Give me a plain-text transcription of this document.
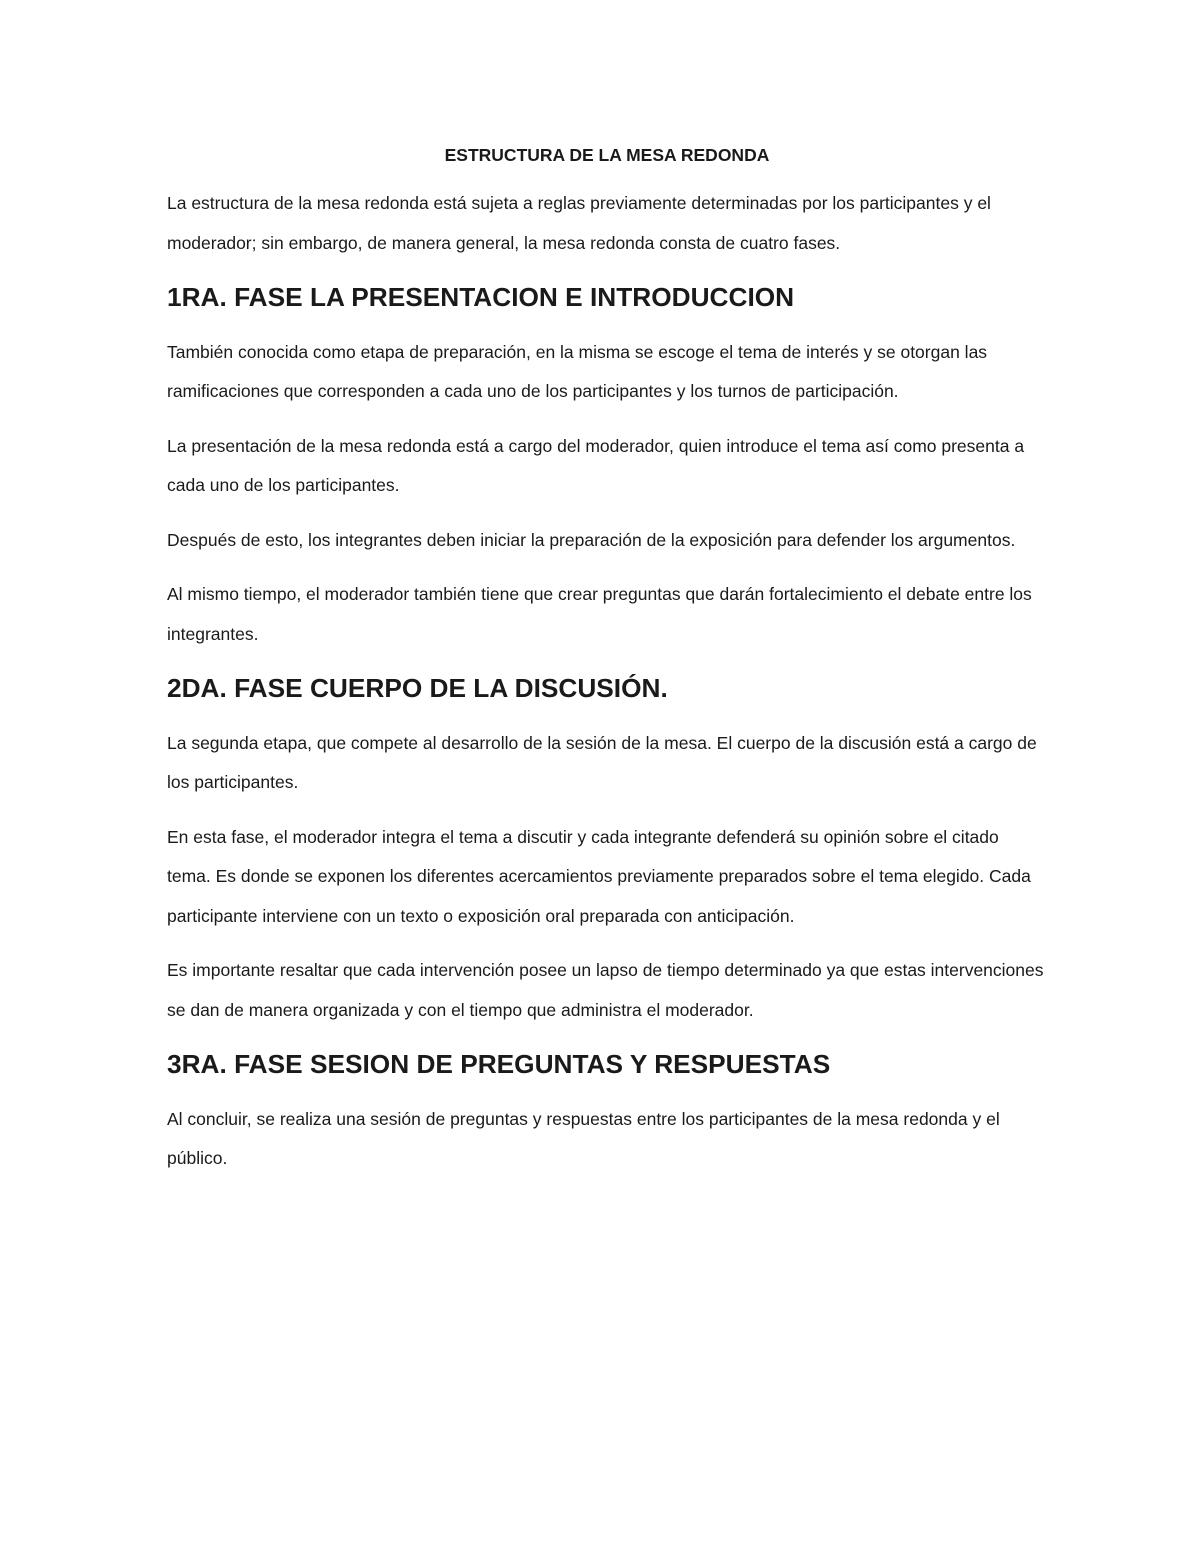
ESTRUCTURA DE LA MESA REDONDA

La estructura de la mesa redonda está sujeta a reglas previamente determinadas por los participantes y el moderador; sin embargo, de manera general, la mesa redonda consta de cuatro fases.

1RA. FASE LA PRESENTACION E INTRODUCCION

También conocida como etapa de preparación, en la misma se escoge el tema de interés y se otorgan las ramificaciones que corresponden a cada uno de los participantes y los turnos de participación.

La presentación de la mesa redonda está a cargo del moderador, quien introduce el tema así como presenta a cada uno de los participantes.

Después de esto, los integrantes deben iniciar la preparación de la exposición para defender los argumentos.

Al mismo tiempo, el moderador también tiene que crear preguntas que darán fortalecimiento el debate entre los integrantes.

2DA. FASE CUERPO DE LA DISCUSIÓN.

La segunda etapa, que compete al desarrollo de la sesión de la mesa. El cuerpo de la discusión está a cargo de los participantes.

En esta fase, el moderador integra el tema a discutir y cada integrante defenderá su opinión sobre el citado tema. Es donde se exponen los diferentes acercamientos previamente preparados sobre el tema elegido. Cada participante interviene con un texto o exposición oral preparada con anticipación.

Es importante resaltar que cada intervención posee un lapso de tiempo determinado ya que estas intervenciones se dan de manera organizada y con el tiempo que administra el moderador.

3RA. FASE SESION DE PREGUNTAS Y RESPUESTAS

Al concluir, se realiza una sesión de preguntas y respuestas entre los participantes de la mesa redonda y el público.
